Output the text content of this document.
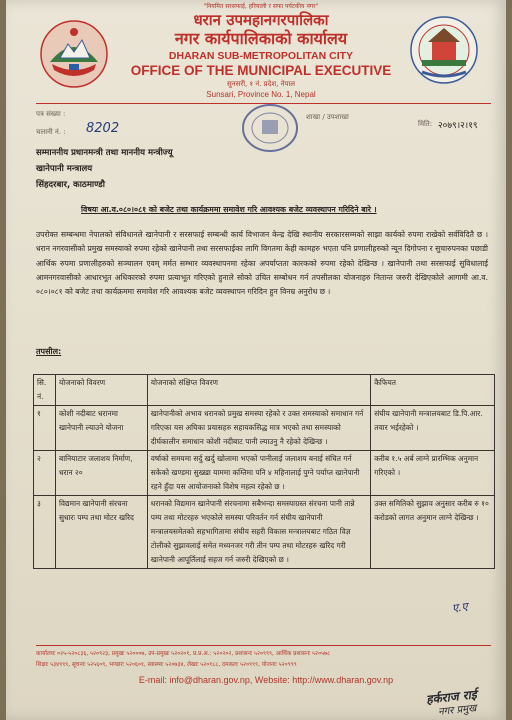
"नियमित सरसफाई, हरियाली र सफा पर्यटकीय नगर"
धरान उपमहानगरपालिका
नगर कार्यपालिकाको कार्यालय
DHARAN SUB-METROPOLITAN CITY
OFFICE OF THE MUNICIPAL EXECUTIVE
सुनसरी, १ नं. प्रदेश, नेपाल
Sunsari, Province No. 1, Nepal
पत्र संख्या :
चलानी नं. : 8202
शाखा / उपशाखा
मिति: २०७९।२।१९
सम्माननीय प्रधानमन्त्री तथा माननीय मन्त्रीज्यू
खानेपानी मन्त्रालय
सिंहदरबार, काठमाण्डौ
विषयः आ.व.०८०।०८१ को बजेट तथा कार्यक्रममा समावेश गरि आवश्यक बजेट व्यवस्थापन गरिदिने बारे ।
उपरोक्त सम्बन्धमा नेपालको संविधानले खानेपानी र सरसफाई सम्बन्धी कार्य विभाजन केन्द्र देखि स्थानीय सरकारसम्मको साझा कार्यको रुपमा राखेको सर्वविदितै छ । धरान नगरवासीको प्रमुख समस्याको रुपमा रहेको खानेपानी तथा सरसफाईका लागि विगतमा केही कामहरु भएता पनि प्रणालीहरुको न्यून दिगोपना र सुचारुपनका पछाडी आर्थिक रुपमा प्रणालीहरुको सञ्चालन एवम् मर्मत सम्भार व्यवस्थापनमा रहेका अपर्याप्तता कारकको रुपमा रहेको देखिन्छ । खानेपानी तथा सरसफाई सुविधालाई आमनगरवासीको आधारभूत अधिकारको रुपमा प्रत्याभूत गरिएको हुनाले सोको उचित सम्बोधन गर्न तपसीलका योजनाहरु नितान्त जरुरी देखिएकोले आगामी आ.व. ०८०।०८१ को बजेट तथा कार्यक्रममा समावेश गरि आवश्यक बजेट व्यवस्थापन गरिदिन हुन विनम्र अनुरोध छ ।
तपसील:
सि. नं.	योजनाको विवरण	योजनाको संक्षिप्त विवरण	कैफियत
१	कोशी नदीबाट धरानमा खानेपानी ल्याउने योजना	खानेपानीको अभाव धरानको प्रमुख समस्या रहेको र उक्त समस्याको समाधान गर्न गरिएका यस अघिका प्रयासहरु सहायकसिद्ध मात्र भएको तथा समस्याको दीर्घकालीन समाधान कोशी नदीबाट पानी ल्याउनु नै रहेको देखिन्छ ।	संघीय खानेपानी मन्त्रालयबाट डि.पि.आर. तयार भईरहेको ।
२	बानियाटार जलाशय निर्माण, धरान २०	वर्षाको समयमा सर्दु खर्दु खोलामा भएको पानीलाई जलाशय बनाई संचित गर्न सकेको खण्डमा सुख्खा याममा कम्तिमा पनि ४ महिनालाई पुग्ने पर्याप्त खानेपानी रहने हुँदा यस आयोजनाको विशेष महत्व रहेको छ ।	करीब १.५ अर्ब लाग्ने प्रारम्भिक अनुमान गरिएको ।
३	विद्यमान खानेपानी संरचना सुधारः पम्प तथा मोटर खरिद	धरानको विद्यमान खानेपानी संरचनामा सबैभन्दा समस्याग्रस्त संरचना पानी तान्ने पम्प तथा मोटरहरु भएकोले समस्या परिवर्तन गर्न संघीय खानेपानी मन्त्रालयसमेतको सहभागितामा संघीय सहरी विकास मन्त्रालयबाट गठित विज्ञ टोलीको सुझावलाई समेत मध्यनजर गरी तीन पम्प तथा मोटरहरु खरिद गरी खानेपानी आपूर्तिलाई सहज गर्न जरुरी देखिएको छ ।	उक्त समितिको सुझाव अनुसार करीब रु १० करोडको लागत अनुमान लाग्ने देखिन्छ ।
ए.ए
कार्यालयः ०२५-५२०८३६, ५२०९२३, प्रमुखः ५२०००७, उप-प्रमुखः ५२०२०१, प्र.प्र.अ.: ५२०२०२, प्रशासनः ५२०९९९, आर्थिक प्रशासनः ५२०५७८
शिक्षाः ५३४९९९, सूचनाः ५२५६०९, भण्डारः ५२०६०१, स्वास्थ्यः ५२०७३४, लेखाः ५२०१८८, दमकलः ५२०९९९, योजनाः ५२०९९९
E-mail: info@dharan.gov.np, Website: http://www.dharan.gov.np
हर्कराज राई
नगर प्रमुख
